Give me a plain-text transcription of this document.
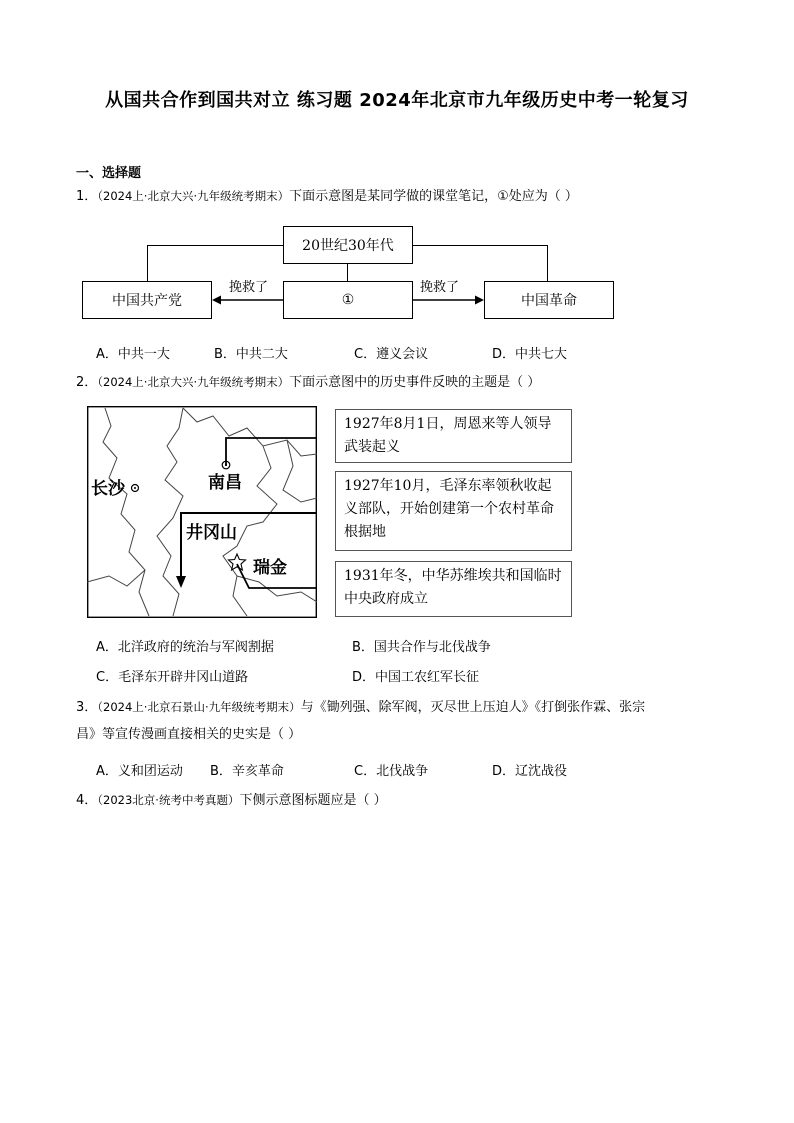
从国共合作到国共对立 练习题 2024年北京市九年级历史中考一轮复习
一、选择题
1．（2024上·北京大兴·九年级统考期末）下面示意图是某同学做的课堂笔记，①处应为（ ）
20世纪30年代
中国共产党	①	中国革命
挽救了	挽救了
A．中共一大	B．中共二大	C．遵义会议	D．中共七大
2．（2024上·北京大兴·九年级统考期末）下面示意图中的历史事件反映的主题是（ ）
长沙	南昌
井冈山
瑞金
1927年8月1日，周恩来等人领导武装起义
1927年10月，毛泽东率领秋收起义部队，开始创建第一个农村革命根据地
1931年冬，中华苏维埃共和国临时中央政府成立
A．北洋政府的统治与军阀割据	B．国共合作与北伐战争
C．毛泽东开辟井冈山道路	D．中国工农红军长征
3．（2024上·北京石景山·九年级统考期末）与《锄列强、除军阀，灭尽世上压迫人》《打倒张作霖、张宗
昌》等宣传漫画直接相关的史实是（ ）
A．义和团运动 B．辛亥革命	C．北伐战争	D．辽沈战役
4．（2023北京·统考中考真题）下侧示意图标题应是（ ）
